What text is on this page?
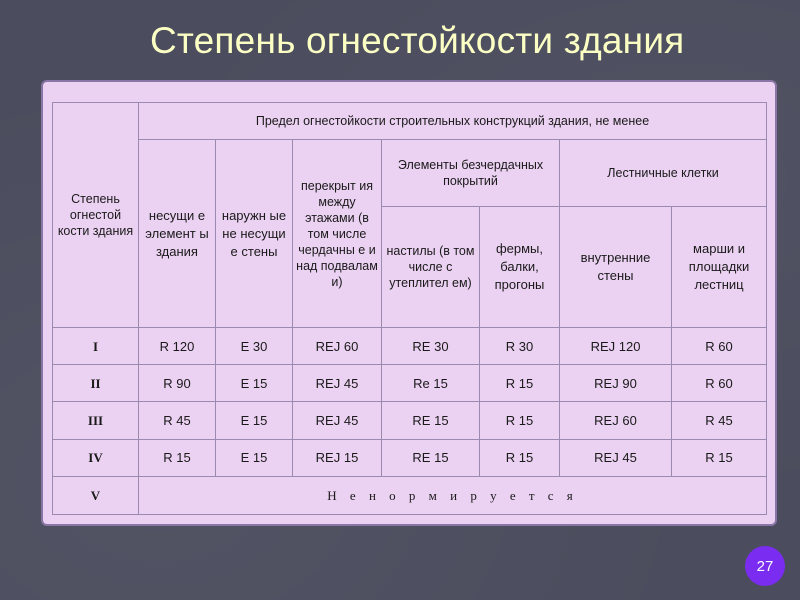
Степень огнестойкости здания
Степень огнестой кости здания	Предел огнестойкости строительных конструкций здания, не менее						
	несущи е элемент ы здания	наружн ые не несущи е стены	перекрыт ия между этажами (в том числе чердачны е и над подвалам и)	Элементы безчердачных покрытий		Лестничные клетки	
				настилы (в том числе с утеплител ем)	фермы, балки, прогоны	внутренние стены	марши и площадки лестниц
I	R 120	E 30	REJ 60	RE 30	R 30	REJ 120	R 60
II	R 90	E 15	REJ 45	Re 15	R 15	REJ 90	R 60
III	R 45	E 15	REJ 45	RE 15	R 15	REJ 60	R 45
IV	R 15	E 15	REJ 15	RE 15	R 15	REJ 45	R 15
V	Н е н о р м и р у е т с я						
27
